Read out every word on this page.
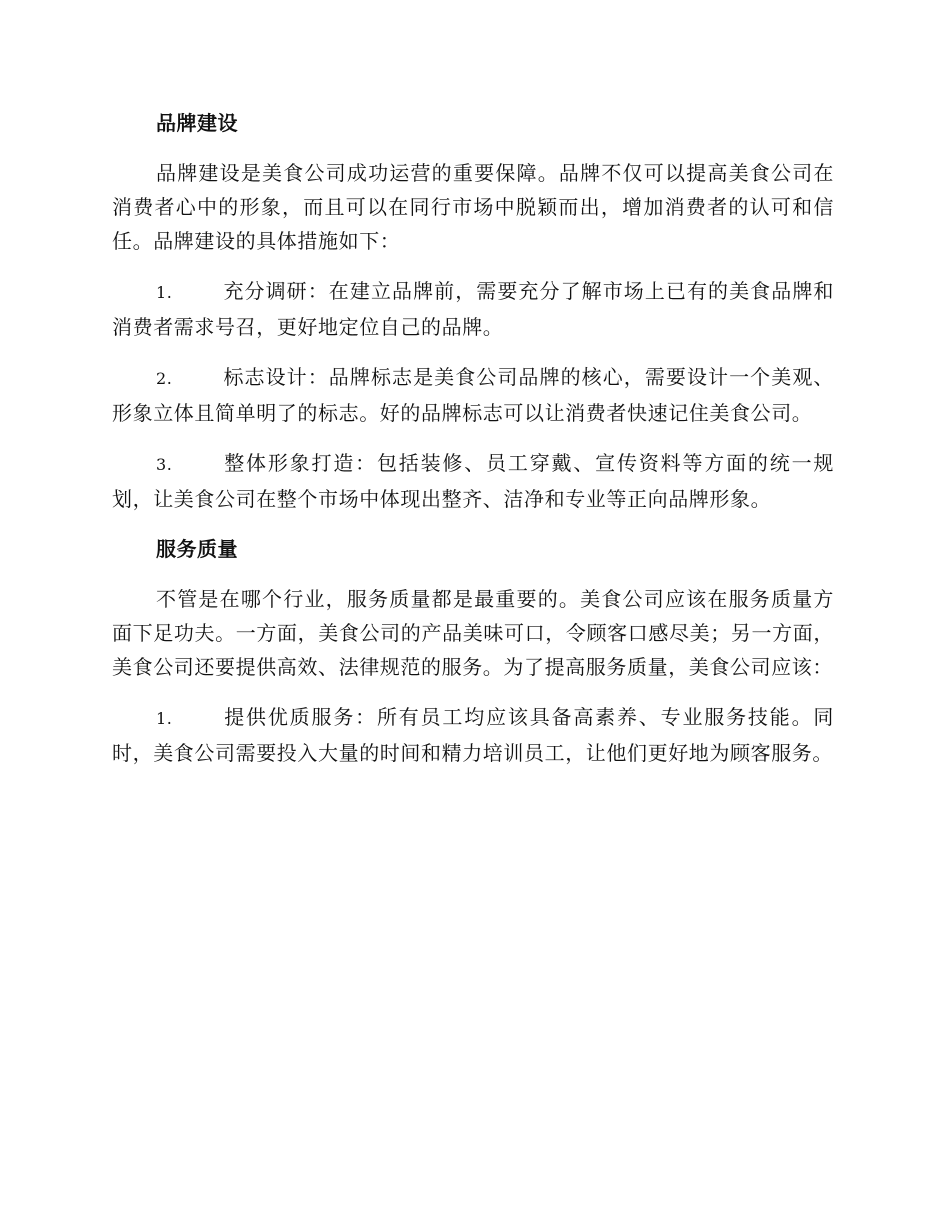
品牌建设

品牌建设是美食公司成功运营的重要保障。品牌不仅可以提高美食公司在消费者心中的形象，而且可以在同行市场中脱颖而出，增加消费者的认可和信任。品牌建设的具体措施如下：

1.	充分调研：在建立品牌前，需要充分了解市场上已有的美食品牌和消费者需求号召，更好地定位自己的品牌。

2.	标志设计：品牌标志是美食公司品牌的核心，需要设计一个美观、形象立体且简单明了的标志。好的品牌标志可以让消费者快速记住美食公司。

3.	整体形象打造：包括装修、员工穿戴、宣传资料等方面的统一规划，让美食公司在整个市场中体现出整齐、洁净和专业等正向品牌形象。

服务质量

不管是在哪个行业，服务质量都是最重要的。美食公司应该在服务质量方面下足功夫。一方面，美食公司的产品美味可口，令顾客口感尽美；另一方面，美食公司还要提供高效、法律规范的服务。为了提高服务质量，美食公司应该：

1.	提供优质服务：所有员工均应该具备高素养、专业服务技能。同时，美食公司需要投入大量的时间和精力培训员工，让他们更好地为顾客服务。
